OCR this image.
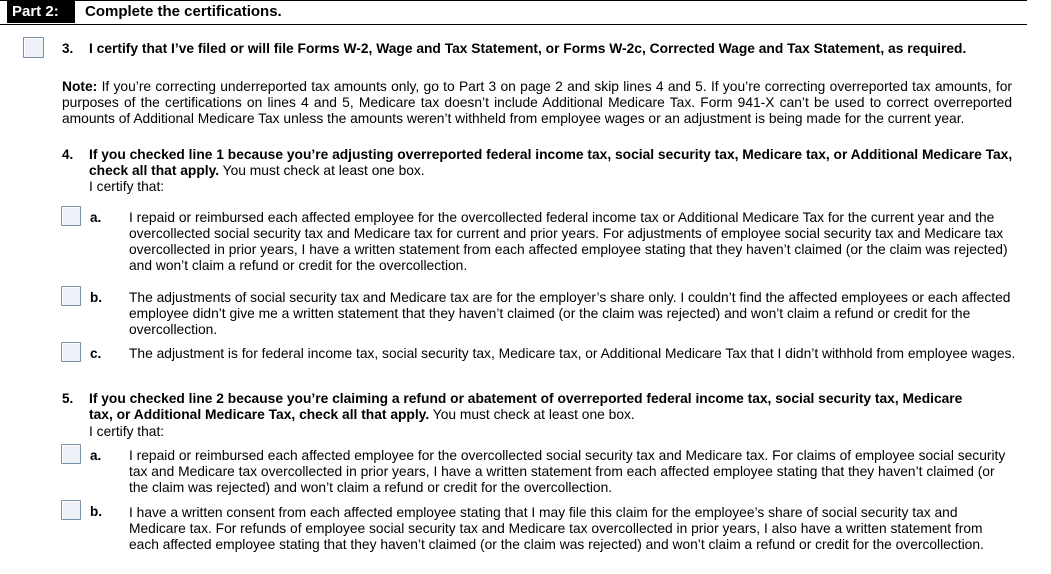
Part 2:	Complete the certifications.
3. I certify that I’ve filed or will file Forms W-2, Wage and Tax Statement, or Forms W-2c, Corrected Wage and Tax Statement, as required.
Note: If you’re correcting underreported tax amounts only, go to Part 3 on page 2 and skip lines 4 and 5. If you’re correcting overreported tax amounts, for purposes of the certifications on lines 4 and 5, Medicare tax doesn’t include Additional Medicare Tax. Form 941-X can’t be used to correct overreported amounts of Additional Medicare Tax unless the amounts weren’t withheld from employee wages or an adjustment is being made for the current year.
4. If you checked line 1 because you’re adjusting overreported federal income tax, social security tax, Medicare tax, or Additional Medicare Tax, check all that apply. You must check at least one box.
I certify that:
a. I repaid or reimbursed each affected employee for the overcollected federal income tax or Additional Medicare Tax for the current year and the overcollected social security tax and Medicare tax for current and prior years. For adjustments of employee social security tax and Medicare tax overcollected in prior years, I have a written statement from each affected employee stating that they haven’t claimed (or the claim was rejected) and won’t claim a refund or credit for the overcollection.
b. The adjustments of social security tax and Medicare tax are for the employer’s share only. I couldn’t find the affected employees or each affected employee didn’t give me a written statement that they haven’t claimed (or the claim was rejected) and won’t claim a refund or credit for the overcollection.
c. The adjustment is for federal income tax, social security tax, Medicare tax, or Additional Medicare Tax that I didn’t withhold from employee wages.
5. If you checked line 2 because you’re claiming a refund or abatement of overreported federal income tax, social security tax, Medicare tax, or Additional Medicare Tax, check all that apply. You must check at least one box.
I certify that:
a. I repaid or reimbursed each affected employee for the overcollected social security tax and Medicare tax. For claims of employee social security tax and Medicare tax overcollected in prior years, I have a written statement from each affected employee stating that they haven’t claimed (or the claim was rejected) and won’t claim a refund or credit for the overcollection.
b. I have a written consent from each affected employee stating that I may file this claim for the employee’s share of social security tax and Medicare tax. For refunds of employee social security tax and Medicare tax overcollected in prior years, I also have a written statement from each affected employee stating that they haven’t claimed (or the claim was rejected) and won’t claim a refund or credit for the overcollection.
